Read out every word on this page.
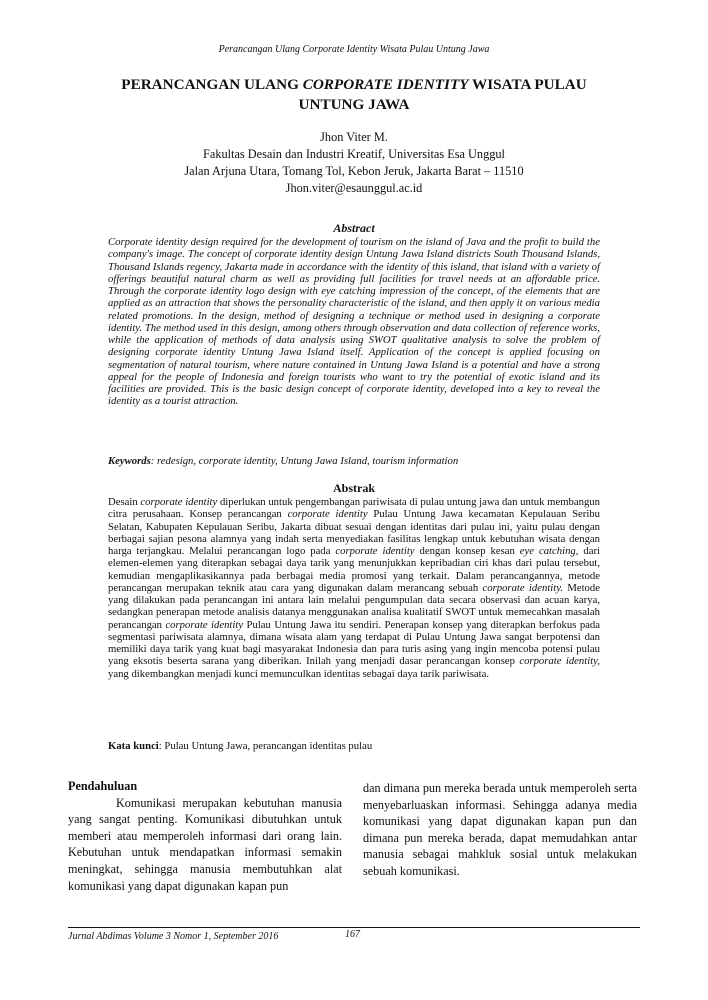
Perancangan Ulang Corporate Identity Wisata Pulau Untung Jawa
PERANCANGAN ULANG CORPORATE IDENTITY WISATA PULAU
UNTUNG JAWA
Jhon Viter M.
Fakultas Desain dan Industri Kreatif, Universitas Esa Unggul
Jalan Arjuna Utara, Tomang Tol, Kebon Jeruk, Jakarta Barat – 11510
Jhon.viter@esaunggul.ac.id
Abstract

Corporate identity design required for the development of tourism on the island of Java and the profit to build the company's image. The concept of corporate identity design Untung Jawa Island districts South Thousand Islands, Thousand Islands regency, Jakarta made in accordance with the identity of this island, that island with a variety of offerings beautiful natural charm as well as providing full facilities for travel needs at an affordable price. Through the corporate identity logo design with eye catching impression of the concept, of the elements that are applied as an attraction that shows the personality characteristic of the island, and then apply it on various media related promotions. In the design, method of designing a technique or method used in designing a corporate identity. The method used in this design, among others through observation and data collection of reference works, while the application of methods of data analysis using SWOT qualitative analysis to solve the problem of designing corporate identity Untung Jawa Island itself. Application of the concept is applied focusing on segmentation of natural tourism, where nature contained in Untung Jawa Island is a potential and have a strong appeal for the people of Indonesia and foreign tourists who want to try the potential of exotic island and its facilities are provided. This is the basic design concept of corporate identity, developed into a key to reveal the identity as a tourist attraction.

Keywords: redesign, corporate identity, Untung Jawa Island, tourism information
Abstrak

Desain corporate identity diperlukan untuk pengembangan pariwisata di pulau untung jawa dan untuk membangun citra perusahaan. Konsep perancangan corporate identity Pulau Untung Jawa kecamatan Kepulauan Seribu Selatan, Kabupaten Kepulauan Seribu, Jakarta dibuat sesuai dengan identitas dari pulau ini, yaitu pulau dengan berbagai sajian pesona alamnya yang indah serta menyediakan fasilitas lengkap untuk kebutuhan wisata dengan harga terjangkau. Melalui perancangan logo pada corporate identity dengan konsep kesan eye catching, dari elemen-elemen yang diterapkan sebagai daya tarik yang menunjukkan kepribadian ciri khas dari pulau tersebut, kemudian mengaplikasikannya pada berbagai media promosi yang terkait. Dalam perancangannya, metode perancangan merupakan teknik atau cara yang digunakan dalam merancang sebuah corporate identity. Metode yang dilakukan pada perancangan ini antara lain melalui pengumpulan data secara observasi dan acuan karya, sedangkan penerapan metode analisis datanya menggunakan analisa kualitatif SWOT untuk memecahkan masalah perancangan corporate identity Pulau Untung Jawa itu sendiri. Penerapan konsep yang diterapkan berfokus pada segmentasi pariwisata alamnya, dimana wisata alam yang terdapat di Pulau Untung Jawa sangat berpotensi dan memiliki daya tarik yang kuat bagi masyarakat Indonesia dan para turis asing yang ingin mencoba potensi pulau yang eksotis beserta sarana yang diberikan. Inilah yang menjadi dasar perancangan konsep corporate identity, yang dikembangkan menjadi kunci memunculkan identitas sebagai daya tarik pariwisata.

Kata kunci: Pulau Untung Jawa, perancangan identitas pulau

Pendahuluan

Komunikasi merupakan kebutuhan manusia yang sangat penting. Komunikasi dibutuhkan untuk memberi atau memperoleh informasi dari orang lain. Kebutuhan untuk mendapatkan informasi semakin meningkat, sehingga manusia membutuhkan alat komunikasi yang dapat digunakan kapan pun

dan dimana pun mereka berada untuk memperoleh serta menyebarluaskan informasi. Sehingga adanya media komunikasi yang dapat digunakan kapan pun dan dimana pun mereka berada, dapat memudahkan antar manusia sebagai mahkluk sosial untuk melakukan sebuah komunikasi.

Jurnal Abdimas Volume 3 Nomor 1, September 2016	167
